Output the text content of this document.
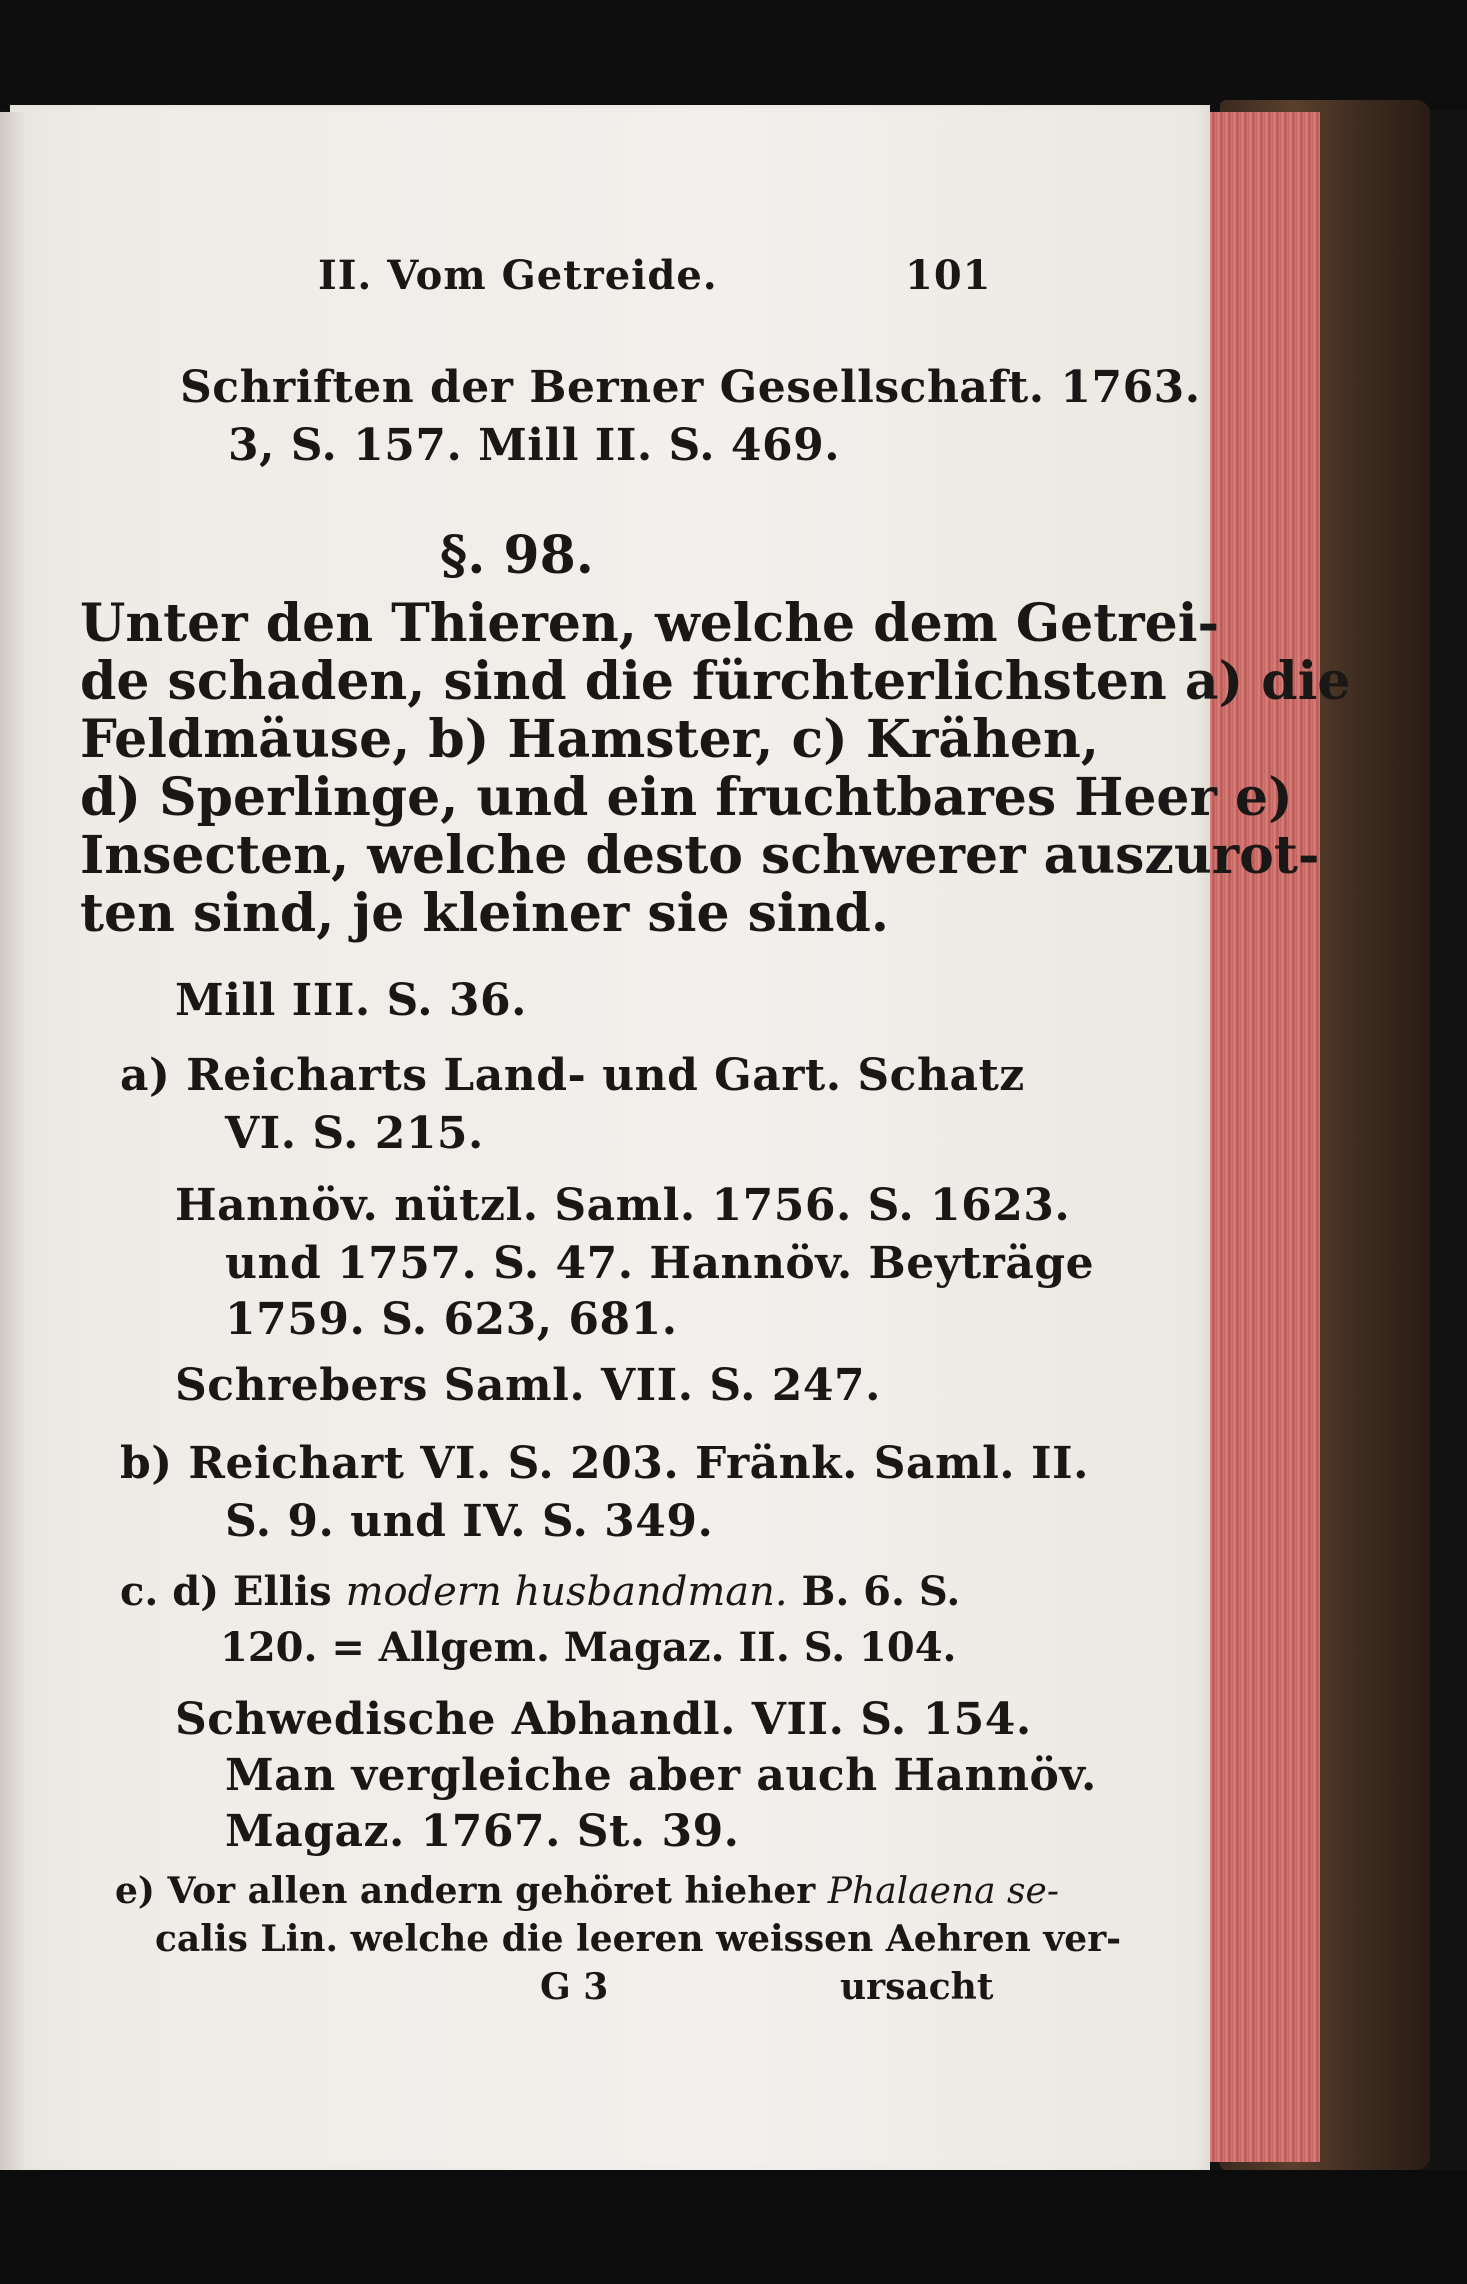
II. Vom Getreide.	101
Schriften der Berner Gesellschaft. 1763.
3, S. 157. Mill II. S. 469.
§. 98.
Unter den Thieren, welche dem Getrei-
de schaden, sind die fürchterlichsten a) die
Feldmäuse, b) Hamster, c) Krähen,
d) Sperlinge, und ein fruchtbares Heer e)
Insecten, welche desto schwerer auszurot-
ten sind, je kleiner sie sind.
Mill III. S. 36.
a) Reicharts Land- und Gart. Schatz
VI. S. 215.
Hannöv. nützl. Saml. 1756. S. 1623.
und 1757. S. 47. Hannöv. Beyträge
1759. S. 623, 681.
Schrebers Saml. VII. S. 247.
b) Reichart VI. S. 203. Fränk. Saml. II.
S. 9. und IV. S. 349.
c. d) Ellis modern husbandman. B. 6. S.
120. = Allgem. Magaz. II. S. 104.
Schwedische Abhandl. VII. S. 154.
Man vergleiche aber auch Hannöv.
Magaz. 1767. St. 39.
e) Vor allen andern gehöret hieher Phalaena se-
calis Lin. welche die leeren weissen Aehren ver-
G 3	ursacht
